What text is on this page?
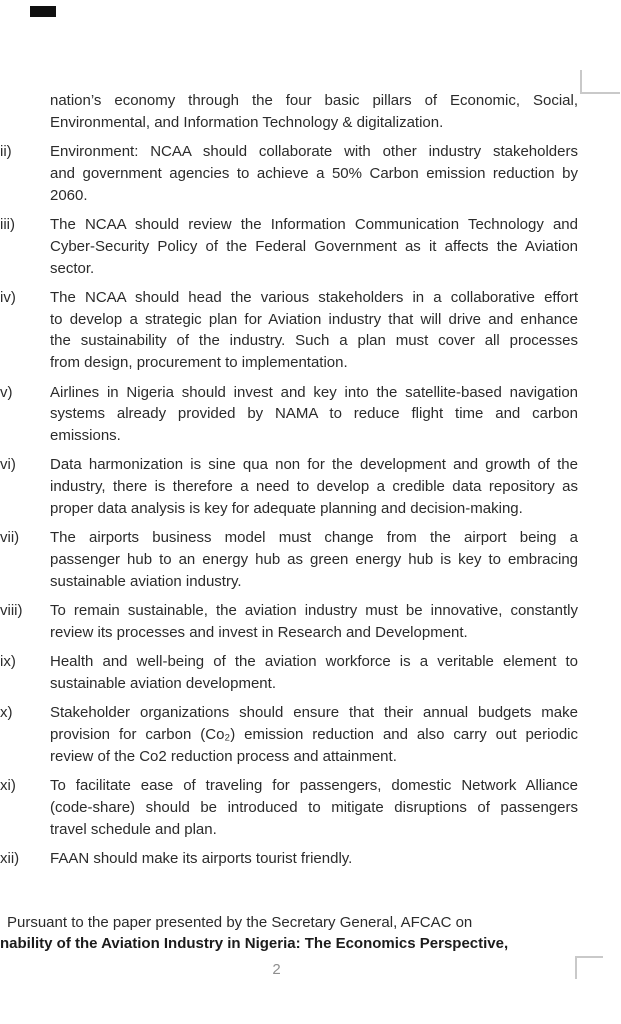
nation’s economy through the four basic pillars of Economic, Social,
Environmental, and Information Technology & digitalization.
ii)	Environment: NCAA should collaborate with other industry stakeholders
and government agencies to achieve a 50% Carbon emission reduction by
2060.
iii) The NCAA should review the Information Communication Technology and
Cyber-Security Policy of the Federal Government as it affects the Aviation
sector.
iv) The NCAA should head the various stakeholders in a collaborative effort
to develop a strategic plan for Aviation industry that will drive and enhance
the sustainability of the industry. Such a plan must cover all processes
from design, procurement to implementation.
v)	Airlines in Nigeria should invest and key into the satellite-based navigation
systems already provided by NAMA to reduce flight time and carbon
emissions.
vi) Data harmonization is sine qua non for the development and growth of the
industry, there is therefore a need to develop a credible data repository as
proper data analysis is key for adequate planning and decision-making.
vii) The airports business model must change from the airport being a
passenger hub to an energy hub as green energy hub is key to embracing
sustainable aviation industry.
viii) To remain sustainable, the aviation industry must be innovative, constantly
review its processes and invest in Research and Development.
ix) Health and well-being of the aviation workforce is a veritable element to
sustainable aviation development.
x)	Stakeholder organizations should ensure that their annual budgets make
provision for carbon (Co₂) emission reduction and also carry out periodic
review of the Co2 reduction process and attainment.
xi) To facilitate ease of traveling for passengers, domestic Network Alliance
(code-share) should be introduced to mitigate disruptions of passengers
travel schedule and plan.
xii) FAAN should make its airports tourist friendly.
Pursuant to the paper presented by the Secretary General, AFCAC on
nability of the Aviation Industry in Nigeria: The Economics Perspective,
2
